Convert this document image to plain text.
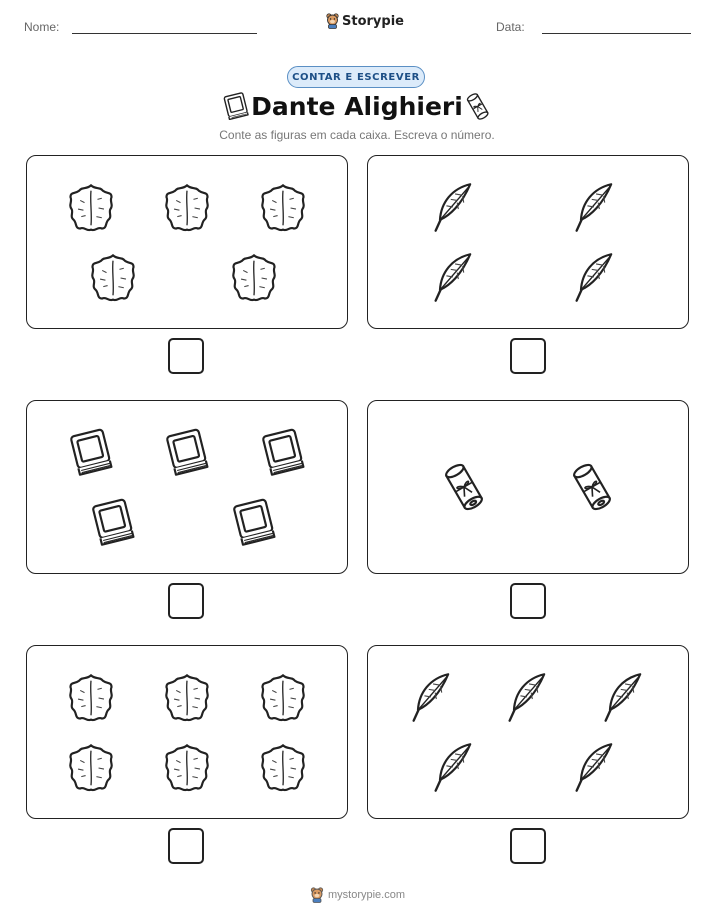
Nome:	Storypie	Data:
CONTAR E ESCREVER
Dante Alighieri
Conte as figuras em cada caixa. Escreva o número.
mystorypie.com
